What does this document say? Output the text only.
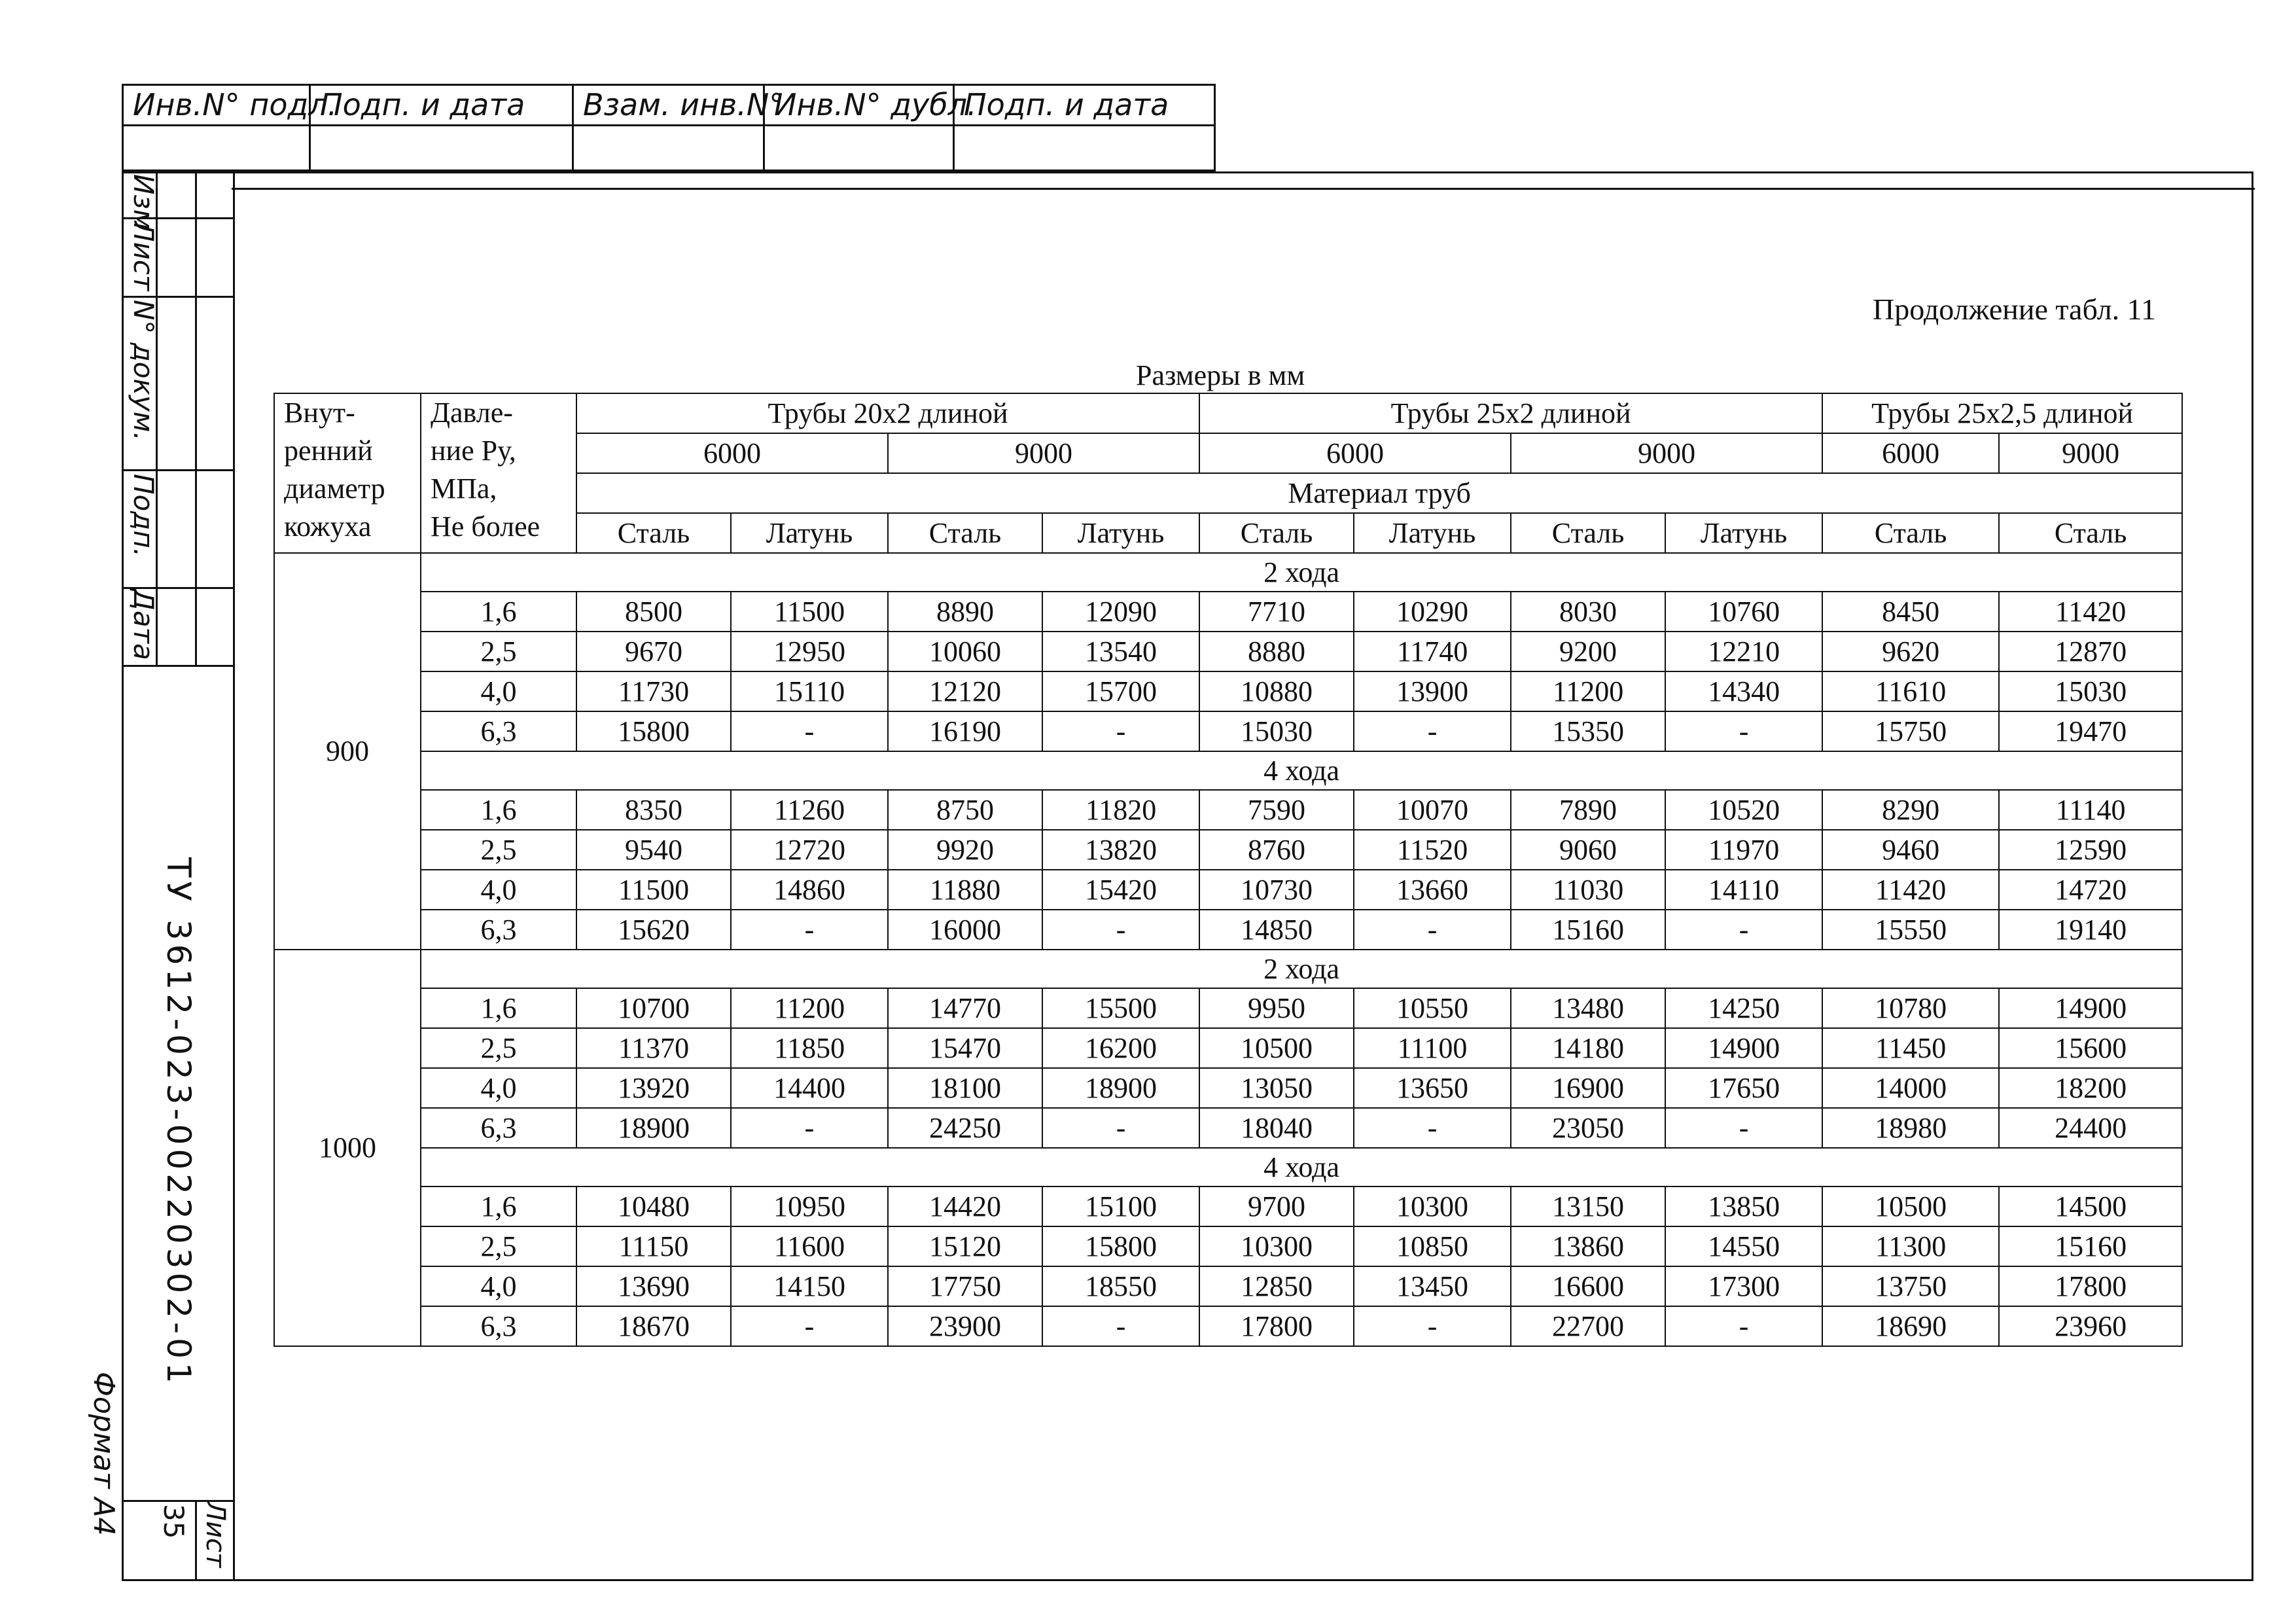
Инв.N° подл.
Подп. и дата	Взам. инв.N°
Инв.N° дубл.
Подп. и дата
Изм
Лист
N° докум.
Подп.
Дата
ТУ 3612-023-00220302-01
Лист
35
Формат А4
Продолжение табл. 11
Размеры в мм
Внут-
ренний
диаметр
кожуха	Давле-
ние Ру,
МПа,
Не более	Трубы 20х2 длиной				Трубы 25х2 длиной				Трубы 25х2,5 длиной	
		6000		9000		6000		9000		6000	9000
		Материал труб									
		Сталь	Латунь	Сталь	Латунь	Сталь	Латунь	Сталь	Латунь	Сталь	Сталь
900	2 хода										
	1,6	8500	11500	8890	12090	7710	10290	8030	10760	8450	11420
	2,5	9670	12950	10060	13540	8880	11740	9200	12210	9620	12870
	4,0	11730	15110	12120	15700	10880	13900	11200	14340	11610	15030
	6,3	15800	-	16190	-	15030	-	15350	-	15750	19470
	4 хода										
	1,6	8350	11260	8750	11820	7590	10070	7890	10520	8290	11140
	2,5	9540	12720	9920	13820	8760	11520	9060	11970	9460	12590
	4,0	11500	14860	11880	15420	10730	13660	11030	14110	11420	14720
	6,3	15620	-	16000	-	14850	-	15160	-	15550	19140
1000	2 хода										
	1,6	10700	11200	14770	15500	9950	10550	13480	14250	10780	14900
	2,5	11370	11850	15470	16200	10500	11100	14180	14900	11450	15600
	4,0	13920	14400	18100	18900	13050	13650	16900	17650	14000	18200
	6,3	18900	-	24250	-	18040	-	23050	-	18980	24400
	4 хода										
	1,6	10480	10950	14420	15100	9700	10300	13150	13850	10500	14500
	2,5	11150	11600	15120	15800	10300	10850	13860	14550	11300	15160
	4,0	13690	14150	17750	18550	12850	13450	16600	17300	13750	17800
	6,3	18670	-	23900	-	17800	-	22700	-	18690	23960
